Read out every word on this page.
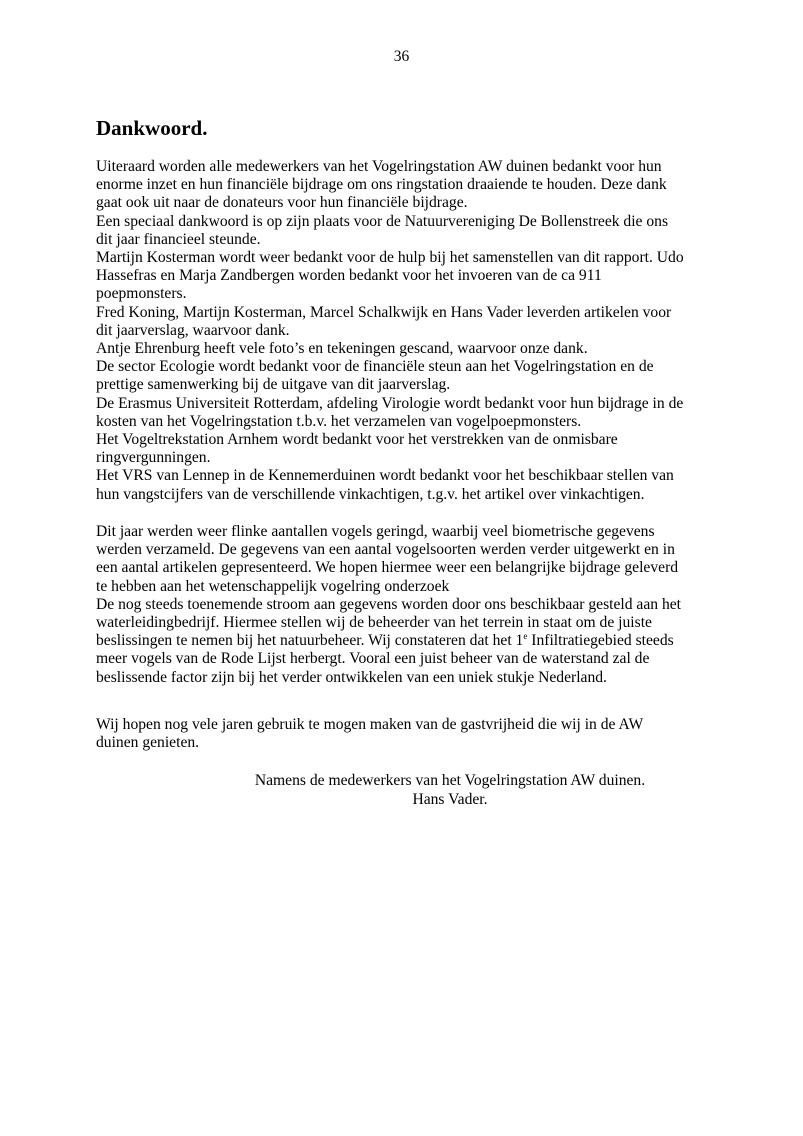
36
Dankwoord.
Uiteraard worden alle medewerkers van het Vogelringstation AW duinen bedankt voor hun
enorme inzet en hun financiële bijdrage om ons ringstation draaiende te houden. Deze dank
gaat ook uit naar de donateurs voor hun financiële bijdrage.
Een speciaal dankwoord is op zijn plaats voor de Natuurvereniging De Bollenstreek die ons
dit jaar financieel steunde.
Martijn Kosterman wordt weer bedankt voor de hulp bij het samenstellen van dit rapport. Udo
Hassefras en Marja Zandbergen worden bedankt voor het invoeren van de ca 911
poepmonsters.
Fred Koning, Martijn Kosterman, Marcel Schalkwijk en Hans Vader leverden artikelen voor
dit jaarverslag, waarvoor dank.
Antje Ehrenburg heeft vele foto’s en tekeningen gescand, waarvoor onze dank.
De sector Ecologie wordt bedankt voor de financiële steun aan het Vogelringstation en de
prettige samenwerking bij de uitgave van dit jaarverslag.
De Erasmus Universiteit Rotterdam, afdeling Virologie wordt bedankt voor hun bijdrage in de
kosten van het Vogelringstation t.b.v. het verzamelen van vogelpoepmonsters.
Het Vogeltrekstation Arnhem wordt bedankt voor het verstrekken van de onmisbare
ringvergunningen.
Het VRS van Lennep in de Kennemerduinen wordt bedankt voor het beschikbaar stellen van
hun vangstcijfers van de verschillende vinkachtigen, t.g.v. het artikel over vinkachtigen.
Dit jaar werden weer flinke aantallen vogels geringd, waarbij veel biometrische gegevens
werden verzameld. De gegevens van een aantal vogelsoorten werden verder uitgewerkt en in
een aantal artikelen gepresenteerd. We hopen hiermee weer een belangrijke bijdrage geleverd
te hebben aan het wetenschappelijk vogelring onderzoek
De nog steeds toenemende stroom aan gegevens worden door ons beschikbaar gesteld aan het
waterleidingbedrijf. Hiermee stellen wij de beheerder van het terrein in staat om de juiste
beslissingen te nemen bij het natuurbeheer. Wij constateren dat het 1e Infiltratiegebied steeds
meer vogels van de Rode Lijst herbergt. Vooral een juist beheer van de waterstand zal de
beslissende factor zijn bij het verder ontwikkelen van een uniek stukje Nederland.
Wij hopen nog vele jaren gebruik te mogen maken van de gastvrijheid die wij in de AW
duinen genieten.
Namens de medewerkers van het Vogelringstation AW duinen.
Hans Vader.
